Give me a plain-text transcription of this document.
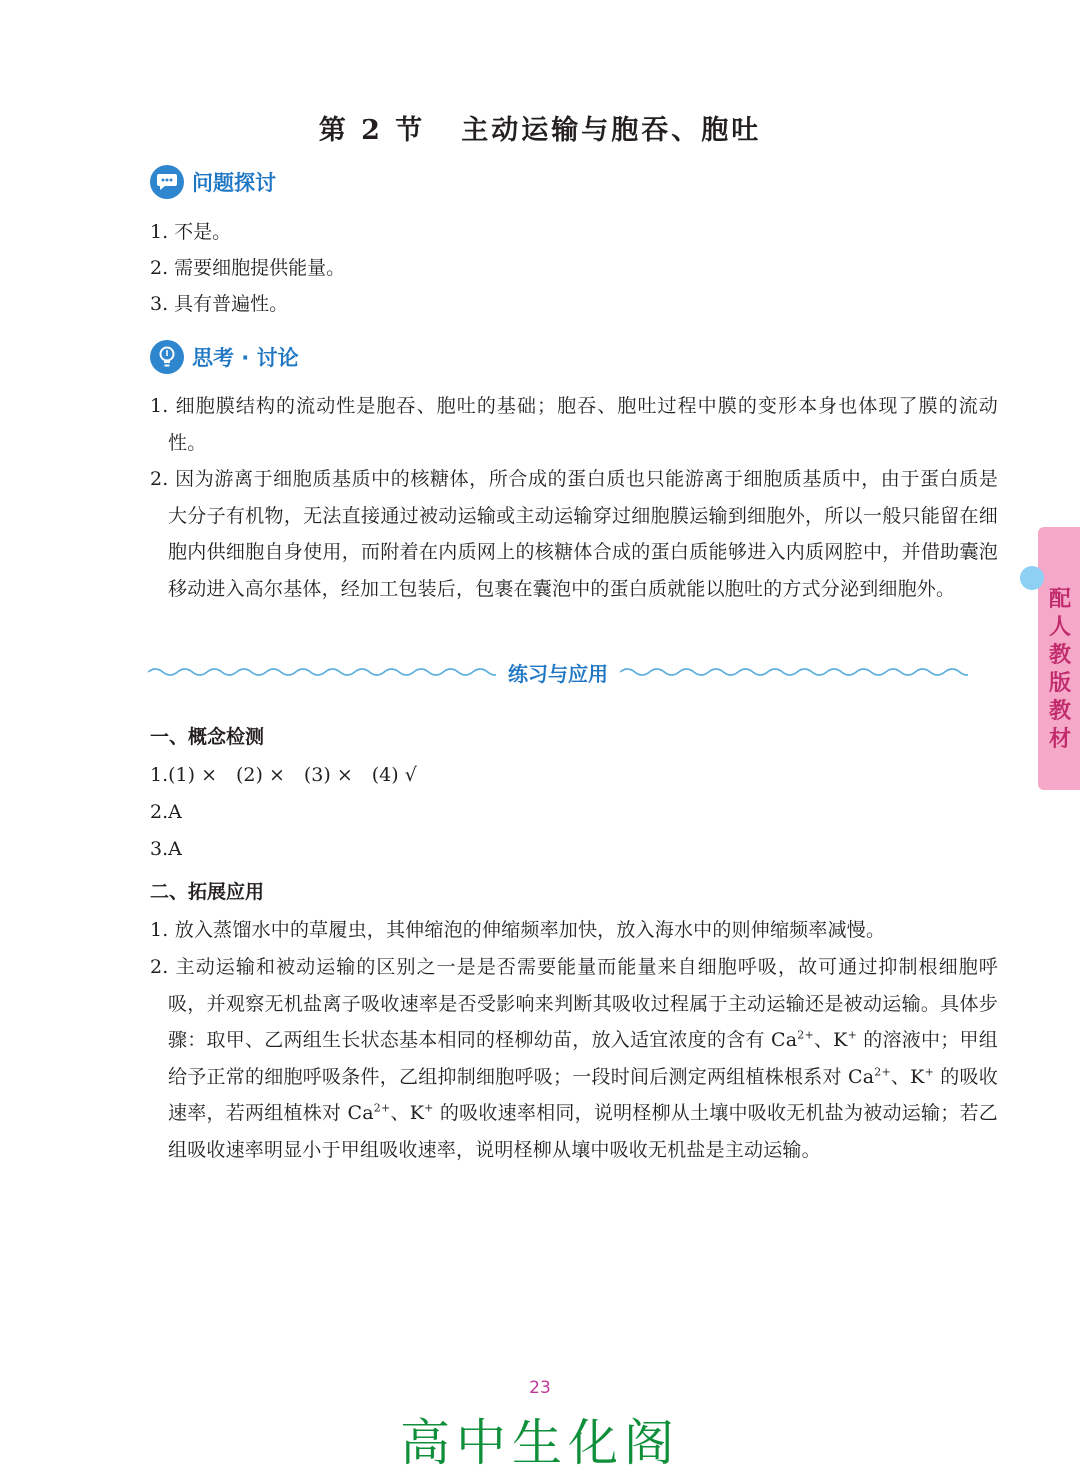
第 2 节 主动运输与胞吞、胞吐
问题探讨
1. 不是。
2. 需要细胞提供能量。
3. 具有普遍性。
思考 · 讨论
1. 细胞膜结构的流动性是胞吞、胞吐的基础；胞吞、胞吐过程中膜的变形本身也体现了膜的流动性。
2. 因为游离于细胞质基质中的核糖体，所合成的蛋白质也只能游离于细胞质基质中，由于蛋白质是大分子有机物，无法直接通过被动运输或主动运输穿过细胞膜运输到细胞外，所以一般只能留在细胞内供细胞自身使用，而附着在内质网上的核糖体合成的蛋白质能够进入内质网腔中，并借助囊泡移动进入高尔基体，经加工包装后，包裹在囊泡中的蛋白质就能以胞吐的方式分泌到细胞外。
练习与应用
一、概念检测
1.(1) ×　(2) ×　(3) ×　(4) √
2.A
3.A
二、拓展应用
1. 放入蒸馏水中的草履虫，其伸缩泡的伸缩频率加快，放入海水中的则伸缩频率减慢。
2. 主动运输和被动运输的区别之一是是否需要能量而能量来自细胞呼吸，故可通过抑制根细胞呼吸，并观察无机盐离子吸收速率是否受影响来判断其吸收过程属于主动运输还是被动运输。具体步骤：取甲、乙两组生长状态基本相同的柽柳幼苗，放入适宜浓度的含有 $Ca^{2+}$、K+ 的溶液中；甲组给予正常的细胞呼吸条件，乙组抑制细胞呼吸；一段时间后测定两组植株根系对 $Ca^{2+}$、K+ 的吸收速率，若两组植株对 $Ca^{2+}$、K+ 的吸收速率相同，说明柽柳从土壤中吸收无机盐为被动运输；若乙组吸收速率明显小于甲组吸收速率，说明柽柳从壤中吸收无机盐是主动运输。
配人教版教材
23
高中生化阁
